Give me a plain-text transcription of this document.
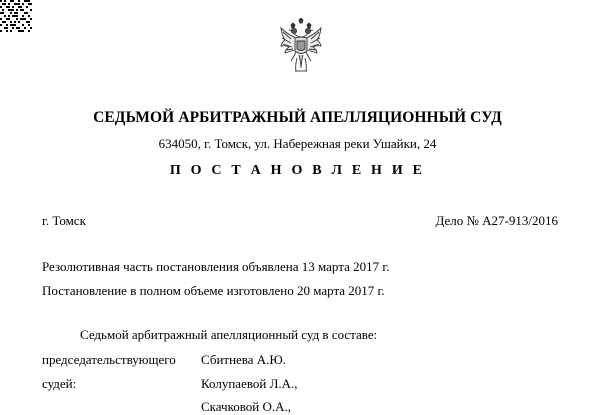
СЕДЬМОЙ АРБИТРАЖНЫЙ АПЕЛЛЯЦИОННЫЙ СУД
634050, г. Томск, ул. Набережная реки Ушайки, 24
П О С Т А Н О В Л Е Н И Е
г. Томск	Дело № А27-913/2016
Резолютивная часть постановления объявлена 13 марта 2017 г.
Постановление в полном объеме изготовлено 20 марта 2017 г.
Седьмой арбитражный апелляционный суд в составе:
председательствующего Сбитнева А.Ю.
судей:	Колупаевой Л.А.,
Скачковой О.А.,
